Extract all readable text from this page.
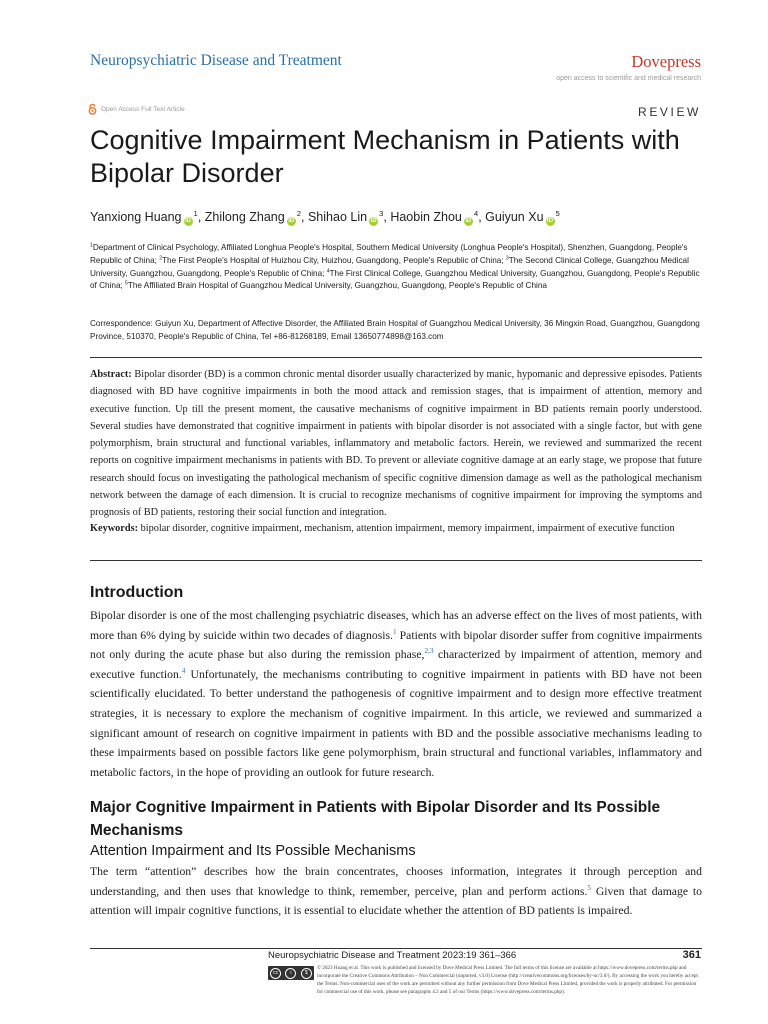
Neuropsychiatric Disease and Treatment	Dovepress
open access to scientific and medical research
Open Access Full Text Article	REVIEW
Cognitive Impairment Mechanism in Patients with Bipolar Disorder
Yanxiong Huang $iD^1$, Zhilong Zhang $iD^2$, Shihao Lin $iD^3$, Haobin Zhou $iD^4$, Guiyun Xu $iD^5$

$^1$Department of Clinical Psychology, Affiliated Longhua People's Hospital, Southern Medical University (Longhua People's Hospital), Shenzhen, Guangdong, People's Republic of China; $^2$The First People's Hospital of Huizhou City, Huizhou, Guangdong, People's Republic of China; $^3$The Second Clinical College, Guangzhou Medical University, Guangzhou, Guangdong, People's Republic of China; $^4$The First Clinical College, Guangzhou Medical University, Guangzhou, Guangdong, People's Republic of China; $^5$The Affiliated Brain Hospital of Guangzhou Medical University, Guangzhou, Guangdong, People's Republic of China

Correspondence: Guiyun Xu, Department of Affective Disorder, the Affiliated Brain Hospital of Guangzhou Medical University, 36 Mingxin Road, Guangzhou, Guangdong Province, 510370, People's Republic of China, Tel +86-81268189, Email 13650774898@163.com

Abstract: Bipolar disorder (BD) is a common chronic mental disorder usually characterized by manic, hypomanic and depressive episodes. Patients diagnosed with BD have cognitive impairments in both the mood attack and remission stages, that is impairment of attention, memory and executive function. Up till the present moment, the causative mechanisms of cognitive impairment in BD patients remain poorly understood. Several studies have demonstrated that cognitive impairment in patients with bipolar disorder is not associated with a single factor, but with gene polymorphism, brain structural and functional variables, inflammatory and metabolic factors. Herein, we reviewed and summarized the recent reports on cognitive impairment mechanisms in patients with BD. To prevent or alleviate cognitive damage at an early stage, we propose that future research should focus on investigating the pathological mechanism of specific cognitive dimension damage as well as the pathological mechanism network between the damage of each dimension. It is crucial to recognize mechanisms of cognitive impairment for improving the symptoms and prognosis of BD patients, restoring their social function and integration.

Keywords: bipolar disorder, cognitive impairment, mechanism, attention impairment, memory impairment, impairment of executive function

Introduction

Bipolar disorder is one of the most challenging psychiatric diseases, which has an adverse effect on the lives of most patients, with more than 6% dying by suicide within two decades of diagnosis.$^1$ Patients with bipolar disorder suffer from cognitive impairments not only during the acute phase but also during the remission phase,$^{2,3}$ characterized by impairment of attention, memory and executive function.$^4$ Unfortunately, the mechanisms contributing to cognitive impairment in patients with BD have not been scientifically elucidated. To better understand the pathogenesis of cognitive impairment and to design more effective treatment strategies, it is necessary to explore the mechanism of cognitive impairment. In this article, we reviewed and summarized a significant amount of research on cognitive impairment in patients with BD and the possible associative mechanisms leading to these impairments based on possible factors like gene polymorphism, brain structural and functional variables, inflammatory and metabolic factors, in the hope of providing an outlook for future research.

Major Cognitive Impairment in Patients with Bipolar Disorder and Its Possible Mechanisms
Attention Impairment and Its Possible Mechanisms

The term “attention” describes how the brain concentrates, chooses information, integrates it through perception and understanding, and then uses that knowledge to think, remember, perceive, plan and perform actions.$^5$ Given that damage to attention will impair cognitive functions, it is essential to elucidate whether the attention of BD patients is impaired.

Neuropsychiatric Disease and Treatment 2023:19 361–366	361
cc	i	$

© 2023 Huang et al. This work is published and licensed by Dove Medical Press Limited. The full terms of this license are available at https://www.dovepress.com/terms.php and incorporate the Creative Commons Attribution – Non Commercial (unported, v3.0) License (http://creativecommons.org/licenses/by-nc/3.0/). By accessing the work you hereby accept the Terms. Non-commercial uses of the work are permitted without any further permission from Dove Medical Press Limited, provided the work is properly attributed. For permission for commercial use of this work, please see paragraphs 4.2 and 5 of our Terms (https://www.dovepress.com/terms.php).
